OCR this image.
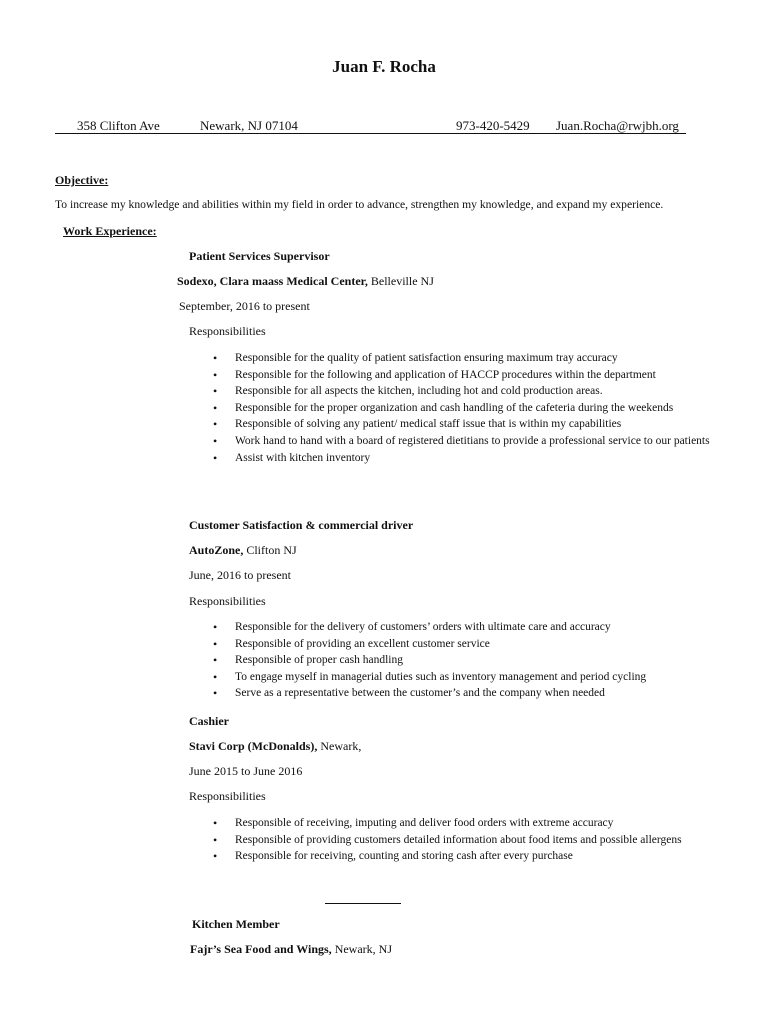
Juan F. Rocha
358 Clifton Ave	Newark, NJ 07104	973-420-5429 Juan.Rocha@rwjbh.org
Objective:
To increase my knowledge and abilities within my field in order to advance, strengthen my knowledge, and expand my experience.
Work Experience:
Patient Services Supervisor
Sodexo, Clara maass Medical Center, Belleville NJ
September, 2016 to present
Responsibilities
• Responsible for the quality of patient satisfaction ensuring maximum tray accuracy
• Responsible for the following and application of HACCP procedures within the department
• Responsible for all aspects the kitchen, including hot and cold production areas.
• Responsible for the proper organization and cash handling of the cafeteria during the weekends
• Responsible of solving any patient/ medical staff issue that is within my capabilities
• Work hand to hand with a board of registered dietitians to provide a professional service to our patients
• Assist with kitchen inventory
Customer Satisfaction & commercial driver
AutoZone, Clifton NJ
June, 2016 to present
Responsibilities
• Responsible for the delivery of customers’ orders with ultimate care and accuracy
• Responsible of providing an excellent customer service
• Responsible of proper cash handling
• To engage myself in managerial duties such as inventory management and period cycling
• Serve as a representative between the customer’s and the company when needed
Cashier
Stavi Corp (McDonalds), Newark,
June 2015 to June 2016
Responsibilities
• Responsible of receiving, imputing and deliver food orders with extreme accuracy
• Responsible of providing customers detailed information about food items and possible allergens
• Responsible for receiving, counting and storing cash after every purchase
Kitchen Member
Fajr’s Sea Food and Wings, Newark, NJ
